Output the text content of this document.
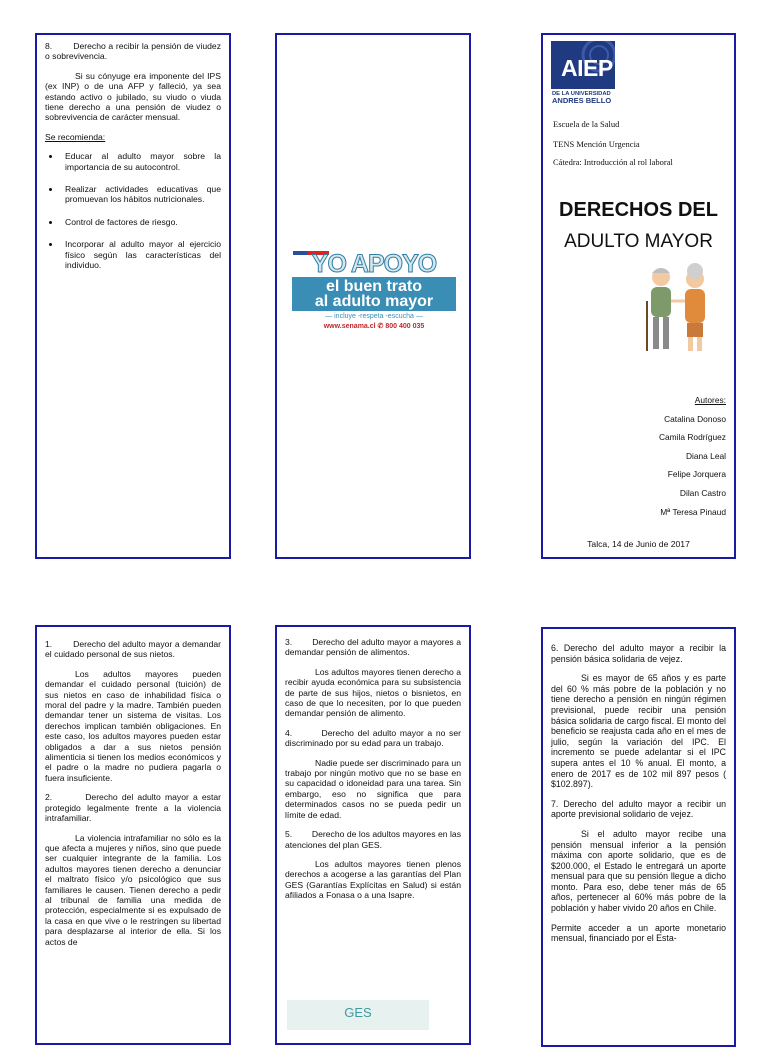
8.        Derecho a recibir la pensión de viudez o sobrevivencia.

Si su cónyuge era imponente del IPS (ex INP) o de una AFP y falleció, ya sea estando activo o jubilado, su viudo o viuda tiene derecho a una pensión de viudez o sobrevivencia de carácter mensual.

Se recomienda:

• Educar al adulto mayor sobre la importancia de su autocontrol.
• Realizar actividades educativas que promuevan los hábitos nutricionales.
• Control de factores de riesgo.
• Incorporar al adulto mayor al ejercicio físico según las características del individuo.	YO APOYO
el buen trato
al adulto mayor
— incluye -respeta -escucha —
www.senama.cl ✆ 800 400 035
AIEP
DE LA UNIVERSIDAD
ANDRES BELLO
Escuela de la Salud
TENS Mención Urgencia
Cátedra: Introducción al rol laboral
DERECHOS DEL
ADULTO MAYOR
Autores:
Catalina Donoso
Camila Rodríguez
Diana Leal
Felipe Jorquera
Dilan Castro
Mª Teresa Pinaud
Talca, 14 de Junio de 2017

1.        Derecho del adulto mayor a demandar el cuidado personal de sus nietos.

Los adultos mayores pueden demandar el cuidado personal (tuición) de sus nietos en caso de inhabilidad física o moral del padre y la madre. También pueden demandar tener un sistema de visitas. Los derechos implican también obligaciones. En este caso, los adultos mayores pueden estar obligados a dar a sus nietos pensión alimenticia si tienen los medios económicos y el padre o la madre no pudiera pagarla o fuera insuficiente.

2.        Derecho del adulto mayor a estar protegido legalmente frente a la violencia intrafamiliar.

La violencia intrafamiliar no sólo es la que afecta a mujeres y niños, sino que puede ser cualquier integrante de la familia. Los adultos mayores tienen derecho a denunciar el maltrato físico y/o psicológico que sus familiares le causen. Tienen derecho a pedir al tribunal de familia una medida de protección, especialmente si es expulsado de la casa en que vive o le restringen su libertad para desplazarse al interior de ella. Si los actos de

3.        Derecho del adulto mayor a mayores a demandar pensión de alimentos.

Los adultos mayores tienen derecho a recibir ayuda económica para su subsistencia de parte de sus hijos, nietos o bisnietos, en caso de que lo necesiten, por lo que pueden demandar pensión de alimento.

4.        Derecho del adulto mayor a no ser discriminado por su edad para un trabajo.

Nadie puede ser discriminado para un trabajo por ningún motivo que no se base en su capacidad o idoneidad para una tarea. Sin embargo, eso no significa que para determinados casos no se pueda pedir un límite de edad.

5.        Derecho de los adultos mayores en las atenciones del plan GES.

Los adultos mayores tienen plenos derechos a acogerse a las garantías del Plan GES (Garantías Explícitas en Salud) si están afiliados a Fonasa o a una Isapre.

GES

6. Derecho del adulto mayor a recibir la pensión básica solidaria de vejez.

Si es mayor de 65 años y es parte del 60 % más pobre de la población y no tiene derecho a pensión en ningún régimen previsional, puede recibir una pensión básica solidaria de cargo fiscal. El monto del beneficio se reajusta cada año en el mes de julio, según la variación del IPC. El incremento se puede adelantar si el IPC supera antes el 10 % anual. El monto, a enero de 2017 es de 102 mil 897 pesos ( $102.897).

7. Derecho del adulto mayor a recibir un aporte previsional solidario de vejez.

Si el adulto mayor recibe una pensión mensual inferior a la pensión máxima con aporte solidario, que es de $200.000, el Estado le entregará un aporte mensual para que su pensión llegue a dicho monto. Para eso, debe tener más de 65 años, pertenecer al 60% más pobre de la población y haber vivido 20 años en Chile.

Permite acceder a un aporte monetario mensual, financiado por el Esta-
